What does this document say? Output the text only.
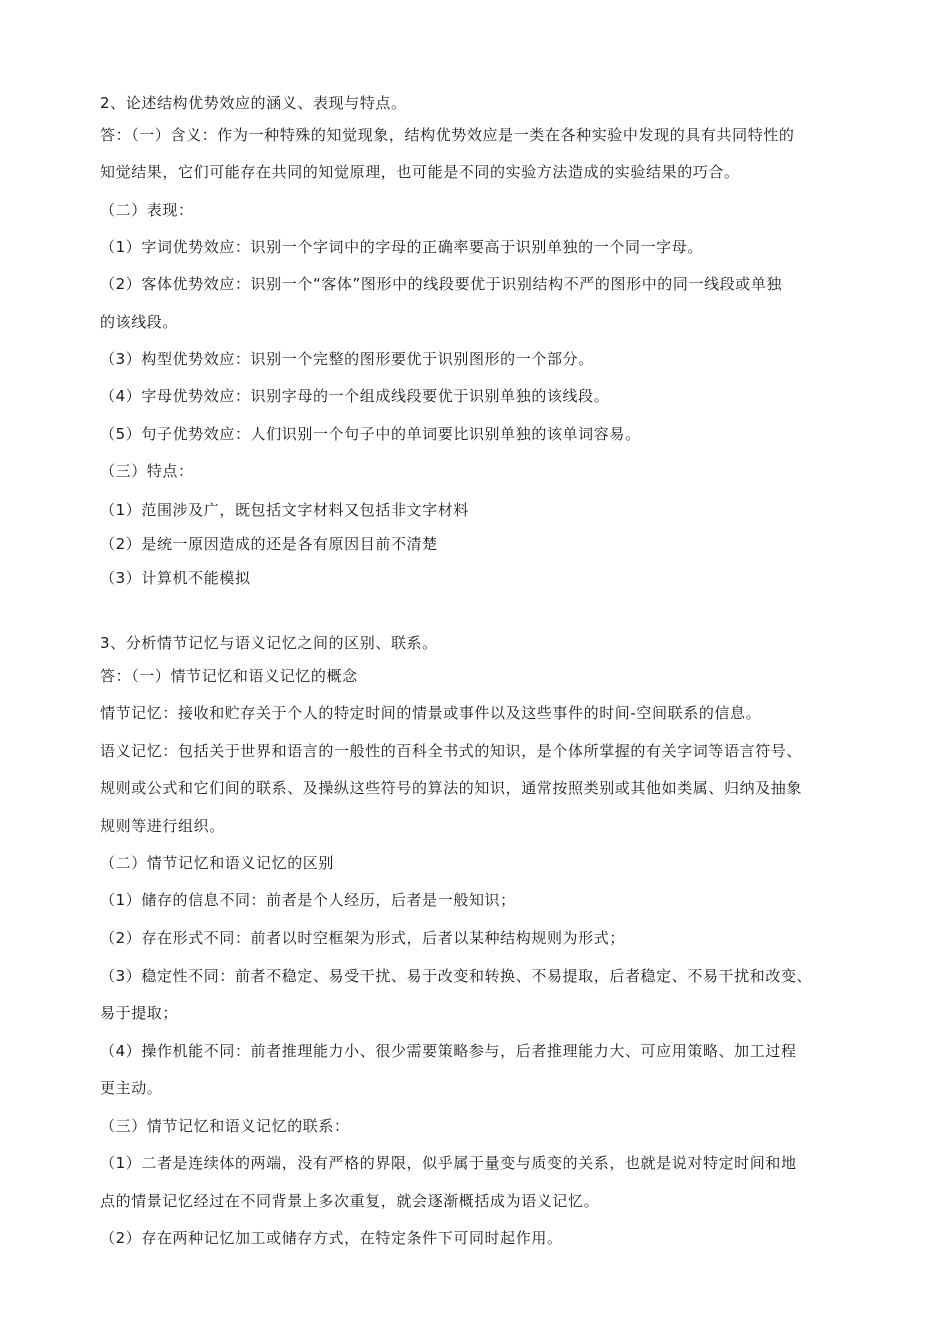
2、论述结构优势效应的涵义、表现与特点。
答：（一）含义：作为一种特殊的知觉现象，结构优势效应是一类在各种实验中发现的具有共同特性的
知觉结果，它们可能存在共同的知觉原理，也可能是不同的实验方法造成的实验结果的巧合。
（二）表现：
（1）字词优势效应：识别一个字词中的字母的正确率要高于识别单独的一个同一字母。
（2）客体优势效应：识别一个“客体”图形中的线段要优于识别结构不严的图形中的同一线段或单独
的该线段。
（3）构型优势效应：识别一个完整的图形要优于识别图形的一个部分。
（4）字母优势效应：识别字母的一个组成线段要优于识别单独的该线段。
（5）句子优势效应：人们识别一个句子中的单词要比识别单独的该单词容易。
（三）特点：
（1）范围涉及广，既包括文字材料又包括非文字材料
（2）是统一原因造成的还是各有原因目前不清楚
（3）计算机不能模拟
3、分析情节记忆与语义记忆之间的区别、联系。
答：（一）情节记忆和语义记忆的概念
情节记忆：接收和贮存关于个人的特定时间的情景或事件以及这些事件的时间-空间联系的信息。
语义记忆：包括关于世界和语言的一般性的百科全书式的知识，是个体所掌握的有关字词等语言符号、
规则或公式和它们间的联系、及操纵这些符号的算法的知识，通常按照类别或其他如类属、归纳及抽象
规则等进行组织。
（二）情节记忆和语义记忆的区别
（1）储存的信息不同：前者是个人经历，后者是一般知识；
（2）存在形式不同：前者以时空框架为形式，后者以某种结构规则为形式；
（3）稳定性不同：前者不稳定、易受干扰、易于改变和转换、不易提取，后者稳定、不易干扰和改变、
易于提取；
（4）操作机能不同：前者推理能力小、很少需要策略参与，后者推理能力大、可应用策略、加工过程
更主动。
（三）情节记忆和语义记忆的联系：
（1）二者是连续体的两端，没有严格的界限，似乎属于量变与质变的关系，也就是说对特定时间和地
点的情景记忆经过在不同背景上多次重复，就会逐渐概括成为语义记忆。
（2）存在两种记忆加工或储存方式，在特定条件下可同时起作用。
